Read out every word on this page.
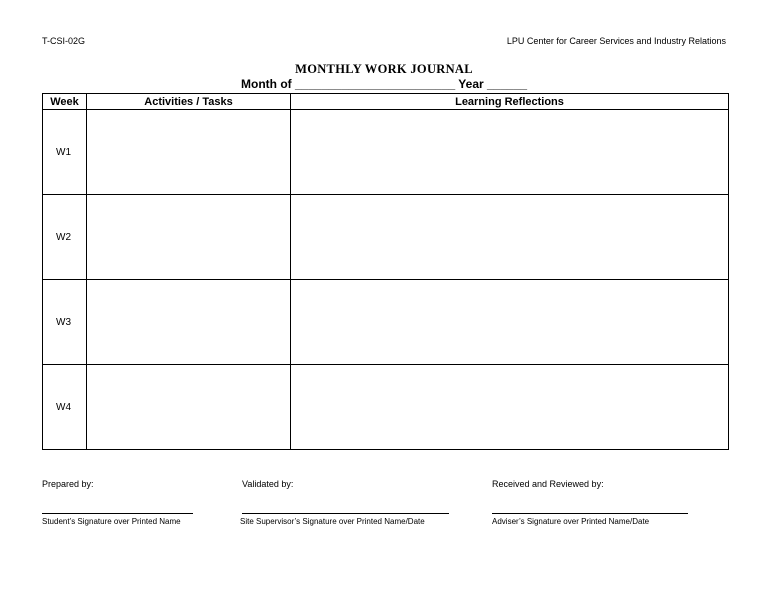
T-CSI-02G	LPU Center for Career Services and Industry Relations
MONTHLY WORK JOURNAL
Month of ________________________ Year ______
Week	Activities / Tasks	Learning Reflections
W1		
W2		
W3		
W4		
Prepared by:	Validated by:	Received and Reviewed by:
Student’s Signature over Printed Name	Site Supervisor’s Signature over Printed Name/Date	Adviser’s Signature over Printed Name/Date
